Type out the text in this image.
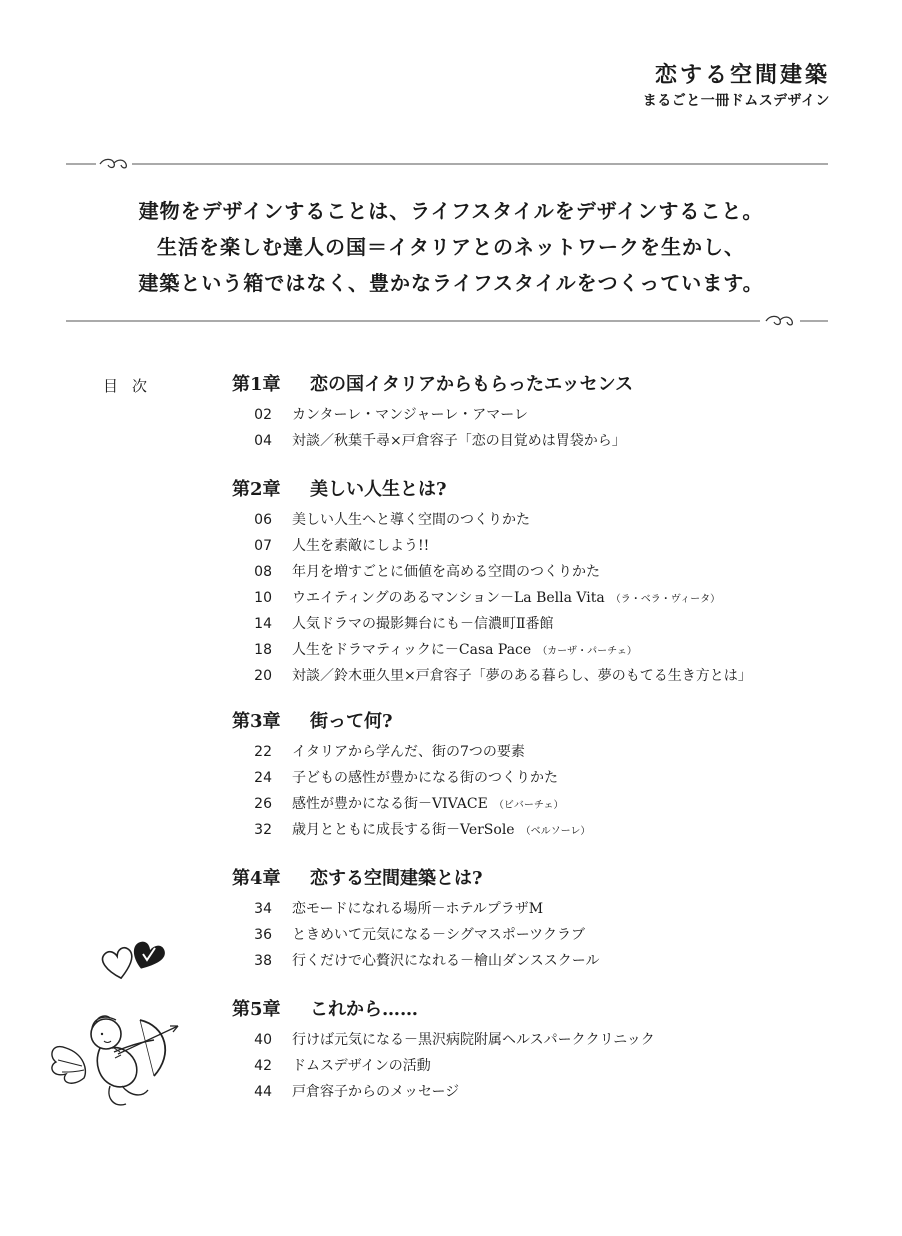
恋する空間建築
まるごと一冊ドムスデザイン
建物をデザインすることは、ライフスタイルをデザインすること。
生活を楽しむ達人の国＝イタリアとのネットワークを生かし、
建築という箱ではなく、豊かなライフスタイルをつくっています。
目次	第1章	恋の国イタリアからもらったエッセンス
02	カンターレ・マンジャーレ・アマーレ
04	対談／秋葉千尋×戸倉容子「恋の目覚めは胃袋から」
第2章	美しい人生とは?
06	美しい人生へと導く空間のつくりかた
07	人生を素敵にしよう!!
08	年月を増すごとに価値を高める空間のつくりかた
10	ウエイティングのあるマンション－La Bella Vita （ラ・ベラ・ヴィータ）
14	人気ドラマの撮影舞台にも－信濃町Ⅱ番館
18	人生をドラマティックに－Casa Pace （カーザ・パーチェ）
20	対談／鈴木亜久里×戸倉容子「夢のある暮らし、夢のもてる生き方とは」
第3章	街って何?
22	イタリアから学んだ、街の7つの要素
24	子どもの感性が豊かになる街のつくりかた
26	感性が豊かになる街－VIVACE （ビバーチェ）
32	歳月とともに成長する街－VerSole （ベルソーレ）
第4章	恋する空間建築とは?
34	恋モードになれる場所－ホテルプラザM
36	ときめいて元気になる－シグマスポーツクラブ
38	行くだけで心贅沢になれる－檜山ダンススクール
第5章	これから……
40	行けば元気になる－黒沢病院附属ヘルスパーククリニック
42	ドムスデザインの活動
44	戸倉容子からのメッセージ
